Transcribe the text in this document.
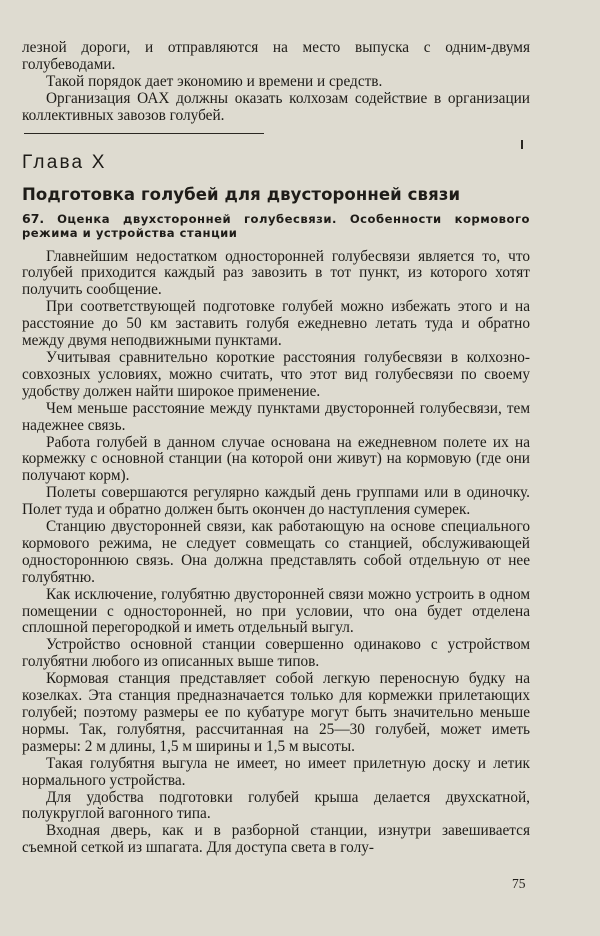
лезной дороги, и отправляются на место выпуска с одним-двумя голубеводами.

Такой порядок дает экономию и времени и средств.

Организация ОАХ должны оказать колхозам содействие в организации коллективных завозов голубей.

Глава X
Подготовка голубей для двусторонней связи
67. Оценка двухсторонней голубесвязи. Особенности кормового режима и устройства станции

Главнейшим недостатком односторонней голубесвязи является то, что голубей приходится каждый раз завозить в тот пункт, из которого хотят получить сообщение.

При соответствующей подготовке голубей можно избежать этого и на расстояние до 50 км заставить голубя ежедневно летать туда и обратно между двумя неподвижными пунктами.

Учитывая сравнительно короткие расстояния голубесвязи в колхозно-совхозных условиях, можно считать, что этот вид голубесвязи по своему удобству должен найти широкое применение.

Чем меньше расстояние между пунктами двусторонней голубесвязи, тем надежнее связь.

Работа голубей в данном случае основана на ежедневном полете их на кормежку с основной станции (на которой они живут) на кормовую (где они получают корм).

Полеты совершаются регулярно каждый день группами или в одиночку. Полет туда и обратно должен быть окончен до наступления сумерек.

Станцию двусторонней связи, как работающую на основе специального кормового режима, не следует совмещать со станцией, обслуживающей одностороннюю связь. Она должна представлять собой отдельную от нее голубятню.

Как исключение, голубятню двусторонней связи можно устроить в одном помещении с односторонней, но при условии, что она будет отделена сплошной перегородкой и иметь отдельный выгул.

Устройство основной станции совершенно одинаково с устройством голубятни любого из описанных выше типов.

Кормовая станция представляет собой легкую переносную будку на козелках. Эта станция предназначается только для кормежки прилетающих голубей; поэтому размеры ее по кубатуре могут быть значительно меньше нормы. Так, голубятня, рассчитанная на 25—30 голубей, может иметь размеры: 2 м длины, 1,5 м ширины и 1,5 м высоты.

Такая голубятня выгула не имеет, но имеет прилетную доску и летик нормального устройства.

Для удобства подготовки голубей крыша делается двухскатной, полукруглой вагонного типа.

Входная дверь, как и в разборной станции, изнутри завешивается съемной сеткой из шпагата. Для доступа света в голу-

75
